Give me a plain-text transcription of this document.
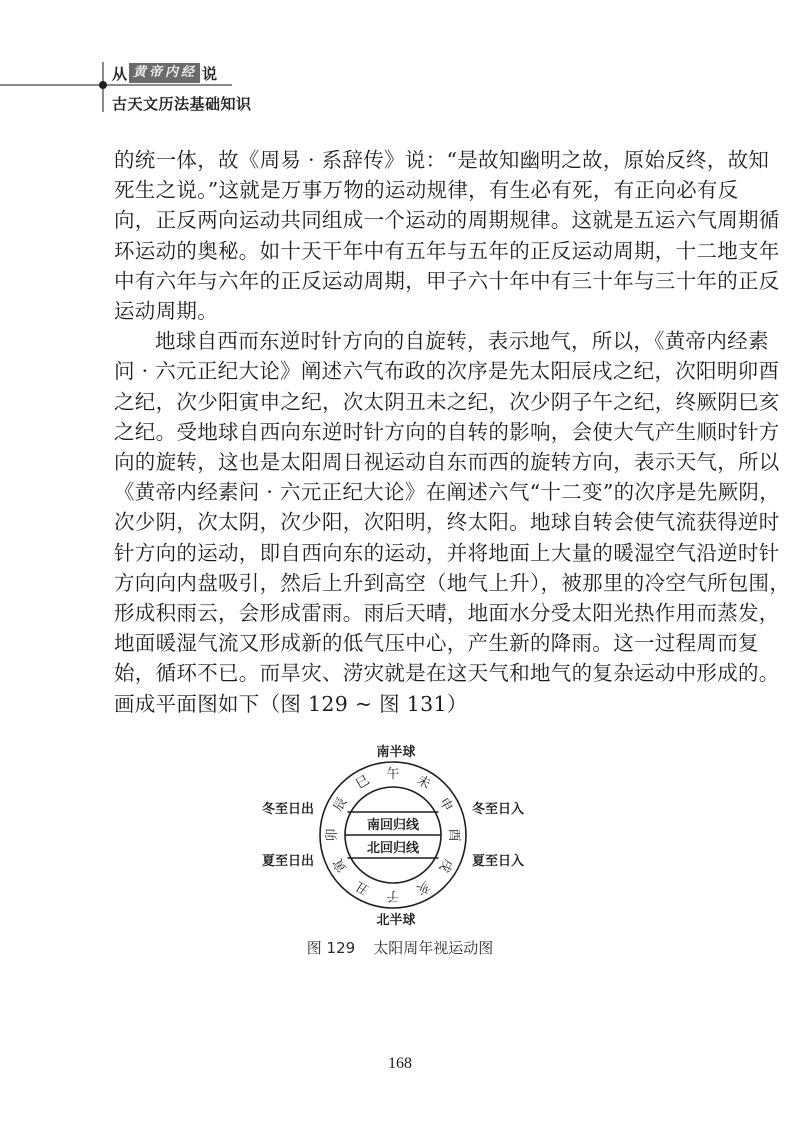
从 黄帝内经 说
古天文历法基础知识

的统一体，故《周易 · 系辞传》说：“是故知幽明之故，原始反终，故知
死生之说。”这就是万事万物的运动规律，有生必有死，有正向必有反
向，正反两向运动共同组成一个运动的周期规律。这就是五运六气周期循
环运动的奥秘。如十天干年中有五年与五年的正反运动周期，十二地支年
中有六年与六年的正反运动周期，甲子六十年中有三十年与三十年的正反
运动周期。

地球自西而东逆时针方向的自旋转，表示地气，所以，《黄帝内经素
问 · 六元正纪大论》阐述六气布政的次序是先太阳辰戌之纪，次阳明卯酉
之纪，次少阳寅申之纪，次太阴丑未之纪，次少阴子午之纪，终厥阴巳亥
之纪。受地球自西向东逆时针方向的自转的影响，会使大气产生顺时针方
向的旋转，这也是太阳周日视运动自东而西的旋转方向，表示天气，所以
《黄帝内经素问 · 六元正纪大论》在阐述六气“十二变”的次序是先厥阴，
次少阴，次太阴，次少阳，次阳明，终太阳。地球自转会使气流获得逆时
针方向的运动，即自西向东的运动，并将地面上大量的暖湿空气沿逆时针
方向向内盘吸引，然后上升到高空（地气上升），被那里的冷空气所包围，
形成积雨云，会形成雷雨。雨后天晴，地面水分受太阳光热作用而蒸发，
地面暖湿气流又形成新的低气压中心，产生新的降雨。这一过程周而复
始，循环不已。而旱灾、涝灾就是在这天气和地气的复杂运动中形成的。
画成平面图如下（图 129 ~ 图 131）

南回归线
北回归线
南半球
北半球
冬至日出
夏至日出
冬至日入
夏至日入
午 未
申
酉
戌
亥
子
丑
寅
卯
辰
巳
图 129 太阳周年视运动图
168
